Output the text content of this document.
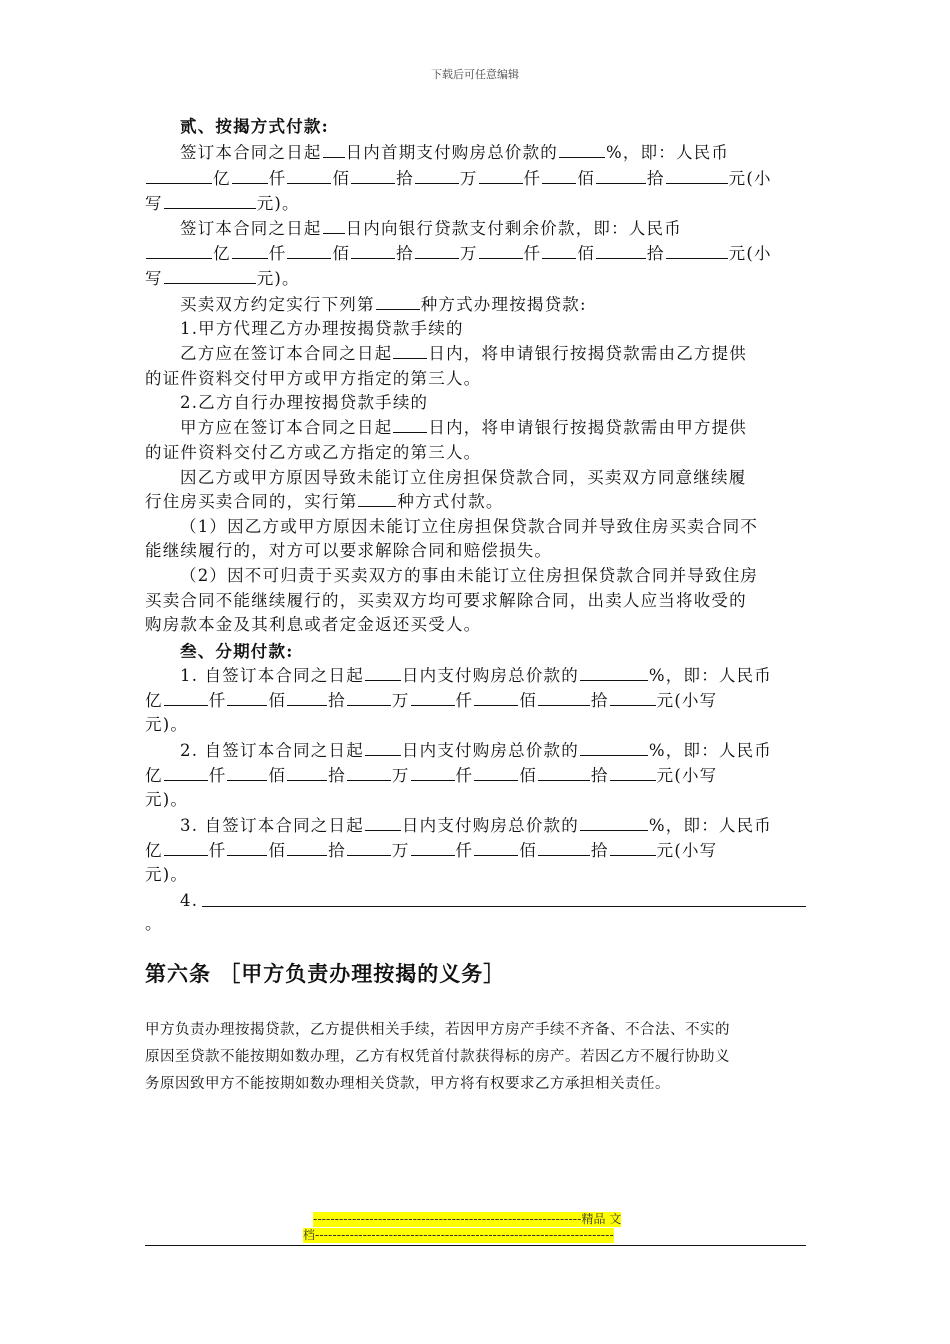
下载后可任意编辑
贰、按揭方式付款:
签订本合同之日起 日内首期支付购房总价款的	%，即：人民币
亿 仟	佰	拾	万	仟 佰	拾	元(小
写	元)。
签订本合同之日起 日内向银行贷款支付剩余价款，即：人民币
亿 仟	佰	拾	万	仟 佰	拾	元(小
写	元)。
买卖双方约定实行下列第	种方式办理按揭贷款:
1.甲方代理乙方办理按揭贷款手续的
乙方应在签订本合同之日起 日内，将申请银行按揭贷款需由乙方提供
的证件资料交付甲方或甲方指定的第三人。
2.乙方自行办理按揭贷款手续的
甲方应在签订本合同之日起 日内，将申请银行按揭贷款需由甲方提供
的证件资料交付乙方或乙方指定的第三人。
因乙方或甲方原因导致未能订立住房担保贷款合同，买卖双方同意继续履
行住房买卖合同的，实行第 种方式付款。
（1）因乙方或甲方原因未能订立住房担保贷款合同并导致住房买卖合同不
能继续履行的，对方可以要求解除合同和赔偿损失。
（2）因不可归责于买卖双方的事由未能订立住房担保贷款合同并导致住房
买卖合同不能继续履行的，买卖双方均可要求解除合同，出卖人应当将收受的
购房款本金及其利息或者定金返还买受人。
叁、分期付款:
1. 自签订本合同之日起 日内支付购房总价款的	%，即：人民币
亿	仟	佰	拾	万	仟	佰	拾	元(小写
元)。
2. 自签订本合同之日起 日内支付购房总价款的	%，即：人民币
亿	仟	佰	拾	万	仟	佰	拾	元(小写
元)。
3. 自签订本合同之日起 日内支付购房总价款的	%，即：人民币
亿	仟	佰	拾	万	仟	佰	拾	元(小写
元)。
4.
。
第六条 ［甲方负责办理按揭的义务］
甲方负责办理按揭贷款，乙方提供相关手续，若因甲方房产手续不齐备、不合法、不实的
原因至贷款不能按期如数办理，乙方有权凭首付款获得标的房产。若因乙方不履行协助义
务原因致甲方不能按期如数办理相关贷款，甲方将有权要求乙方承担相关责任。
--------------------------------------------------------------精品 文
档---------------------------------------------------------------------
